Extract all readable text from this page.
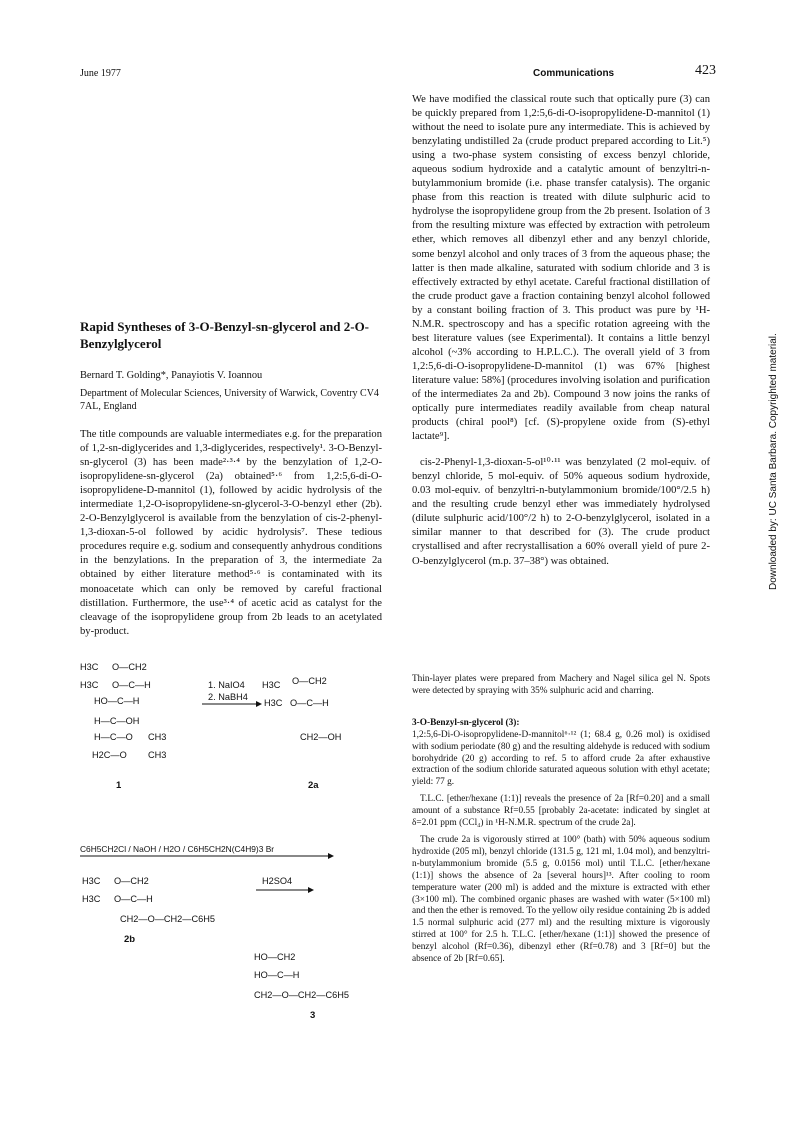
June 1977	Communications	423
Downloaded by: UC Santa Barbara. Copyrighted material.
Rapid Syntheses of 3-O-Benzyl-sn-glycerol and 2-O-Benzylglycerol
Bernard T. Golding*, Panayiotis V. Ioannou
Department of Molecular Sciences, University of Warwick, Coventry CV4 7AL, England

The title compounds are valuable intermediates e.g. for the preparation of 1,2-sn-diglycerides and 1,3-diglycerides, respectively¹. 3-O-Benzyl-sn-glycerol (3) has been made²·³·⁴ by the benzylation of 1,2-O-isopropylidene-sn-glycerol (2a) obtained⁵·⁶ from 1,2:5,6-di-O-isopropylidene-D-mannitol (1), followed by acidic hydrolysis of the intermediate 1,2-O-isopropylidene-sn-glycerol-3-O-benzyl ether (2b). 2-O-Benzylglycerol is available from the benzylation of cis-2-phenyl-1,3-dioxan-5-ol followed by acidic hydrolysis⁷. These tedious procedures require e.g. sodium and consequently anhydrous conditions in the benzylations. In the preparation of 3, the intermediate 2a obtained by either literature method⁵·⁶ is contaminated with its monoacetate which can only be removed by careful fractional distillation. Furthermore, the use³·⁴ of acetic acid as catalyst for the cleavage of the isopropylidene group from 2b leads to an acetylated by-product.

We have modified the classical route such that optically pure (3) can be quickly prepared from 1,2:5,6-di-O-isopropylidene-D-mannitol (1) without the need to isolate pure any intermediate. This is achieved by benzylating undistilled 2a (crude product prepared according to Lit.⁵) using a two-phase system consisting of excess benzyl chloride, aqueous sodium hydroxide and a catalytic amount of benzyltri-n-butylammonium bromide (i.e. phase transfer catalysis). The organic phase from this reaction is treated with dilute sulphuric acid to hydrolyse the isopropylidene group from the 2b present. Isolation of 3 from the resulting mixture was effected by extraction with petroleum ether, which removes all dibenzyl ether and any benzyl chloride, some benzyl alcohol and only traces of 3 from the aqueous phase; the latter is then made alkaline, saturated with sodium chloride and 3 is effectively extracted by ethyl acetate. Careful fractional distillation of the crude product gave a fraction containing benzyl alcohol followed by a constant boiling fraction of 3. This product was pure by ¹H-N.M.R. spectroscopy and has a specific rotation agreeing with the best literature values (see Experimental). It contains a little benzyl alcohol (~3% according to H.P.L.C.). The overall yield of 3 from 1,2:5,6-di-O-isopropylidene-D-mannitol (1) was 67% [highest literature value: 58%] (procedures involving isolation and purification of the intermediates 2a and 2b). Compound 3 now joins the ranks of optically pure intermediates readily available from cheap natural products (chiral pool⁸) [cf. (S)-propylene oxide from (S)-ethyl lactate⁹].

cis-2-Phenyl-1,3-dioxan-5-ol¹⁰·¹¹ was benzylated (2 mol-equiv. of benzyl chloride, 5 mol-equiv. of 50% aqueous sodium hydroxide, 0.03 mol-equiv. of benzyltri-n-butylammonium bromide/100°/2.5 h) and the resulting crude benzyl ether was immediately hydrolysed (dilute sulphuric acid/100°/2 h) to 2-O-benzylglycerol, isolated in a similar manner to that described for (3). The crude product crystallised and after recrystallisation a 60% overall yield of pure 2-O-benzylglycerol (m.p. 37–38°) was obtained.

Thin-layer plates were prepared from Machery and Nagel silica gel N. Spots were detected by spraying with 35% sulphuric acid and charring.

3-O-Benzyl-sn-glycerol (3):

1,2:5,6-Di-O-isopropylidene-D-mannitol⁶·¹² (1; 68.4 g, 0.26 mol) is oxidised with sodium periodate (80 g) and the resulting aldehyde is reduced with sodium borohydride (20 g) according to ref. 5 to afford crude 2a after exhaustive extraction of the sodium chloride saturated aqueous solution with ethyl acetate; yield: 77 g.

T.L.C. [ether/hexane (1:1)] reveals the presence of 2a [Rf=0.20] and a small amount of a substance Rf=0.55 [probably 2a-acetate: indicated by singlet at δ=2.01 ppm (CCl₄) in ¹H-N.M.R. spectrum of the crude 2a].

The crude 2a is vigorously stirred at 100° (bath) with 50% aqueous sodium hydroxide (205 ml), benzyl chloride (131.5 g, 121 ml, 1.04 mol), and benzyltri-n-butylammonium bromide (5.5 g, 0.0156 mol) until T.L.C. [ether/hexane (1:1)] shows the absence of 2a [several hours]¹³. After cooling to room temperature water (200 ml) is added and the mixture is extracted with ether (3×100 ml). The combined organic phases are washed with water (5×100 ml) and then the ether is removed. To the yellow oily residue containing 2b is added 1.5 normal sulphuric acid (277 ml) and the resulting mixture is vigorously stirred at 100° for 2.5 h. T.L.C. [ether/hexane (1:1)] showed the presence of benzyl alcohol (Rf=0.36), dibenzyl ether (Rf=0.78) and 3 [Rf=0] but the absence of 2b [Rf=0.65].

H3C O—CH2
H3C O—C—H
HO—C—H
H—C—OH
H—C—O CH3
H2C—O CH3
1
1. NaIO4
2. NaBH4
H3C O—CH2
H3C O—C—H
CH2—OH
2a
C6H5CH2Cl / NaOH / H2O / C6H5CH2N(C4H9)3 Br
H3C O—CH2
H3C O—C—H
CH2—O—CH2—C6H5
2b
H2SO4
HO—CH2
HO—C—H
CH2—O—CH2—C6H5
3
